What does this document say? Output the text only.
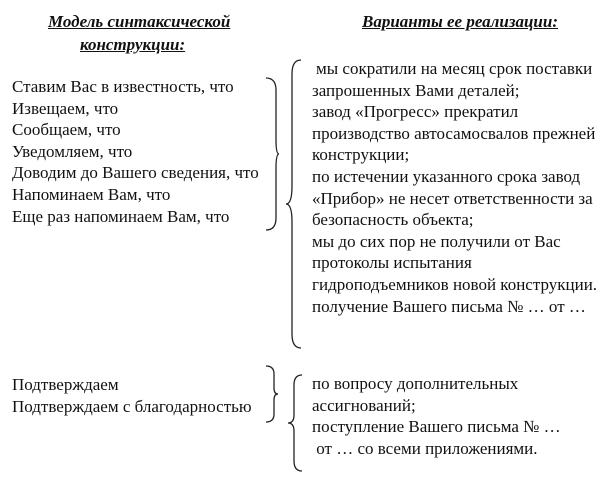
Модель синтаксической
конструкции:
Варианты ее реализации:
Ставим Вас в известность, что
Извещаем, что
Сообщаем, что
Уведомляем, что
Доводим до Вашего сведения, что
Напоминаем Вам, что
Еще раз напоминаем Вам, что
мы сократили на месяц срок поставки
запрошенных Вами деталей;
завод «Прогресс» прекратил
производство автосамосвалов прежней
конструкции;
по истечении указанного срока завод
«Прибор» не несет ответственности за
безопасность объекта;
мы до сих пор не получили от Вас
протоколы испытания
гидроподъемников новой конструкции.
получение Вашего письма № … от …
Подтверждаем
Подтверждаем с благодарностью
по вопросу дополнительных
ассигнований;
поступление Вашего письма № …
от … со всеми приложениями.
